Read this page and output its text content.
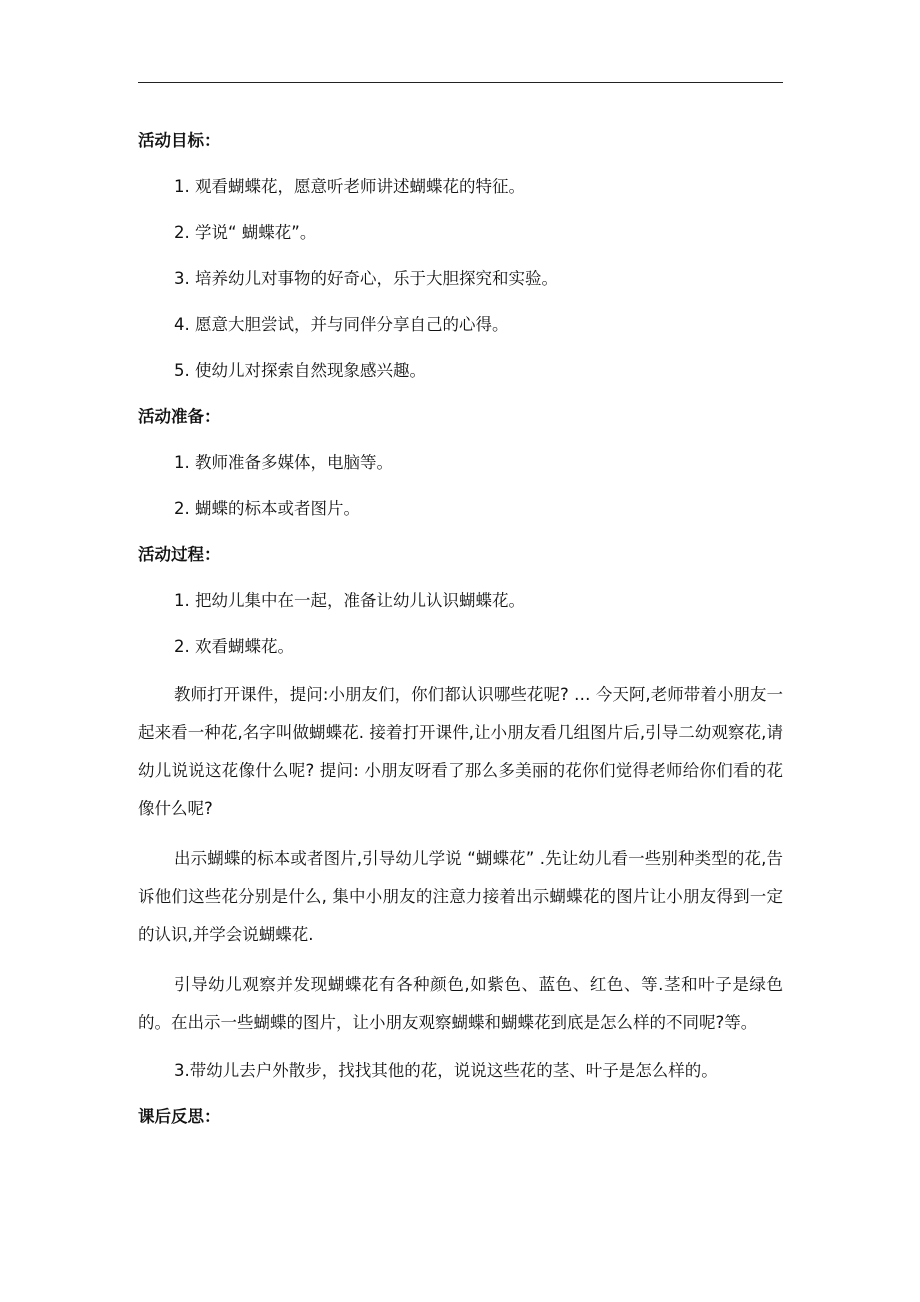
活动目标：
1. 观看蝴蝶花，愿意听老师讲述蝴蝶花的特征。
2. 学说“ 蝴蝶花”。
3. 培养幼儿对事物的好奇心，乐于大胆探究和实验。
4. 愿意大胆尝试，并与同伴分享自己的心得。
5. 使幼儿对探索自然现象感兴趣。
活动准备：
1. 教师准备多媒体，电脑等。
2. 蝴蝶的标本或者图片。
活动过程：
1. 把幼儿集中在一起，准备让幼儿认识蝴蝶花。
2. 欢看蝴蝶花。

教师打开课件，提问:小朋友们，你们都认识哪些花呢? … 今天阿,老师带着小朋友一起来看一种花,名字叫做蝴蝶花. 接着打开课件,让小朋友看几组图片后,引导二幼观察花,请幼儿说说这花像什么呢? 提问: 小朋友呀看了那么多美丽的花你们觉得老师给你们看的花像什么呢?

出示蝴蝶的标本或者图片,引导幼儿学说 “蝴蝶花” .先让幼儿看一些别种类型的花,告诉他们这些花分别是什么, 集中小朋友的注意力接着出示蝴蝶花的图片让小朋友得到一定的认识,并学会说蝴蝶花.

引导幼儿观察并发现蝴蝶花有各种颜色,如紫色、蓝色、红色、等.茎和叶子是绿色的。在出示一些蝴蝶的图片，让小朋友观察蝴蝶和蝴蝶花到底是怎么样的不同呢?等。

3.带幼儿去户外散步，找找其他的花，说说这些花的茎、叶子是怎么样的。
课后反思：
